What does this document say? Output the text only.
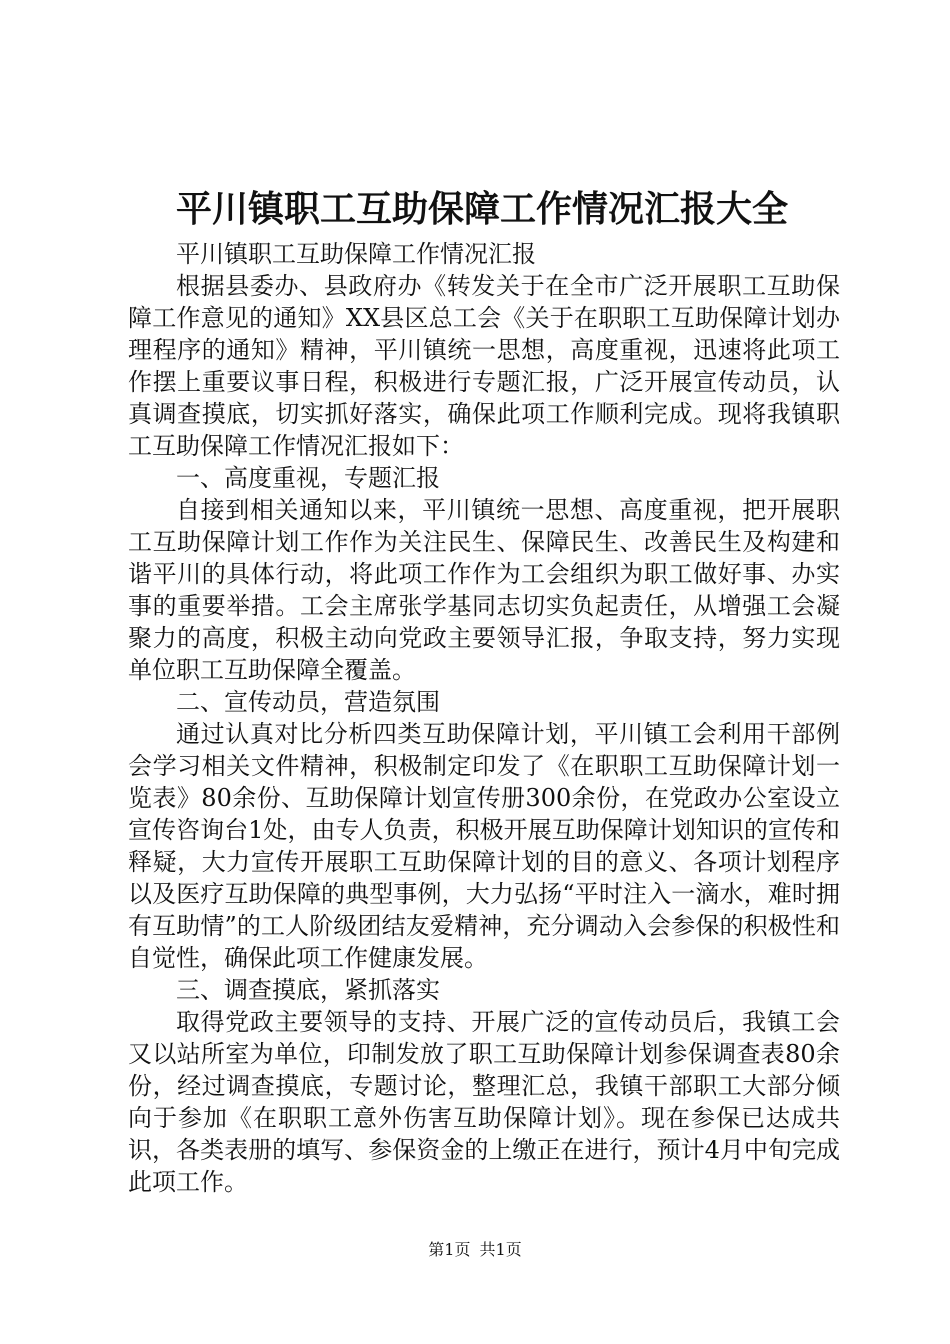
平川镇职工互助保障工作情况汇报大全

平川镇职工互助保障工作情况汇报

根据县委办、县政府办《转发关于在全市广泛开展职工互助保障工作意见的通知》XX县区总工会《关于在职职工互助保障计划办理程序的通知》精神，平川镇统一思想，高度重视，迅速将此项工作摆上重要议事日程，积极进行专题汇报，广泛开展宣传动员，认真调查摸底，切实抓好落实，确保此项工作顺利完成。现将我镇职工互助保障工作情况汇报如下：

一、高度重视，专题汇报

自接到相关通知以来，平川镇统一思想、高度重视，把开展职工互助保障计划工作作为关注民生、保障民生、改善民生及构建和谐平川的具体行动，将此项工作作为工会组织为职工做好事、办实事的重要举措。工会主席张学基同志切实负起责任，从增强工会凝聚力的高度，积极主动向党政主要领导汇报，争取支持，努力实现单位职工互助保障全覆盖。

二、宣传动员，营造氛围

通过认真对比分析四类互助保障计划，平川镇工会利用干部例会学习相关文件精神，积极制定印发了《在职职工互助保障计划一览表》80余份、互助保障计划宣传册300余份，在党政办公室设立宣传咨询台1处，由专人负责，积极开展互助保障计划知识的宣传和释疑，大力宣传开展职工互助保障计划的目的意义、各项计划程序以及医疗互助保障的典型事例，大力弘扬“平时注入一滴水，难时拥有互助情”的工人阶级团结友爱精神，充分调动入会参保的积极性和自觉性，确保此项工作健康发展。

三、调查摸底，紧抓落实

取得党政主要领导的支持、开展广泛的宣传动员后，我镇工会又以站所室为单位，印制发放了职工互助保障计划参保调查表80余份，经过调查摸底，专题讨论，整理汇总，我镇干部职工大部分倾向于参加《在职职工意外伤害互助保障计划》。现在参保已达成共识，各类表册的填写、参保资金的上缴正在进行，预计4月中旬完成此项工作。

第1页 共1页
